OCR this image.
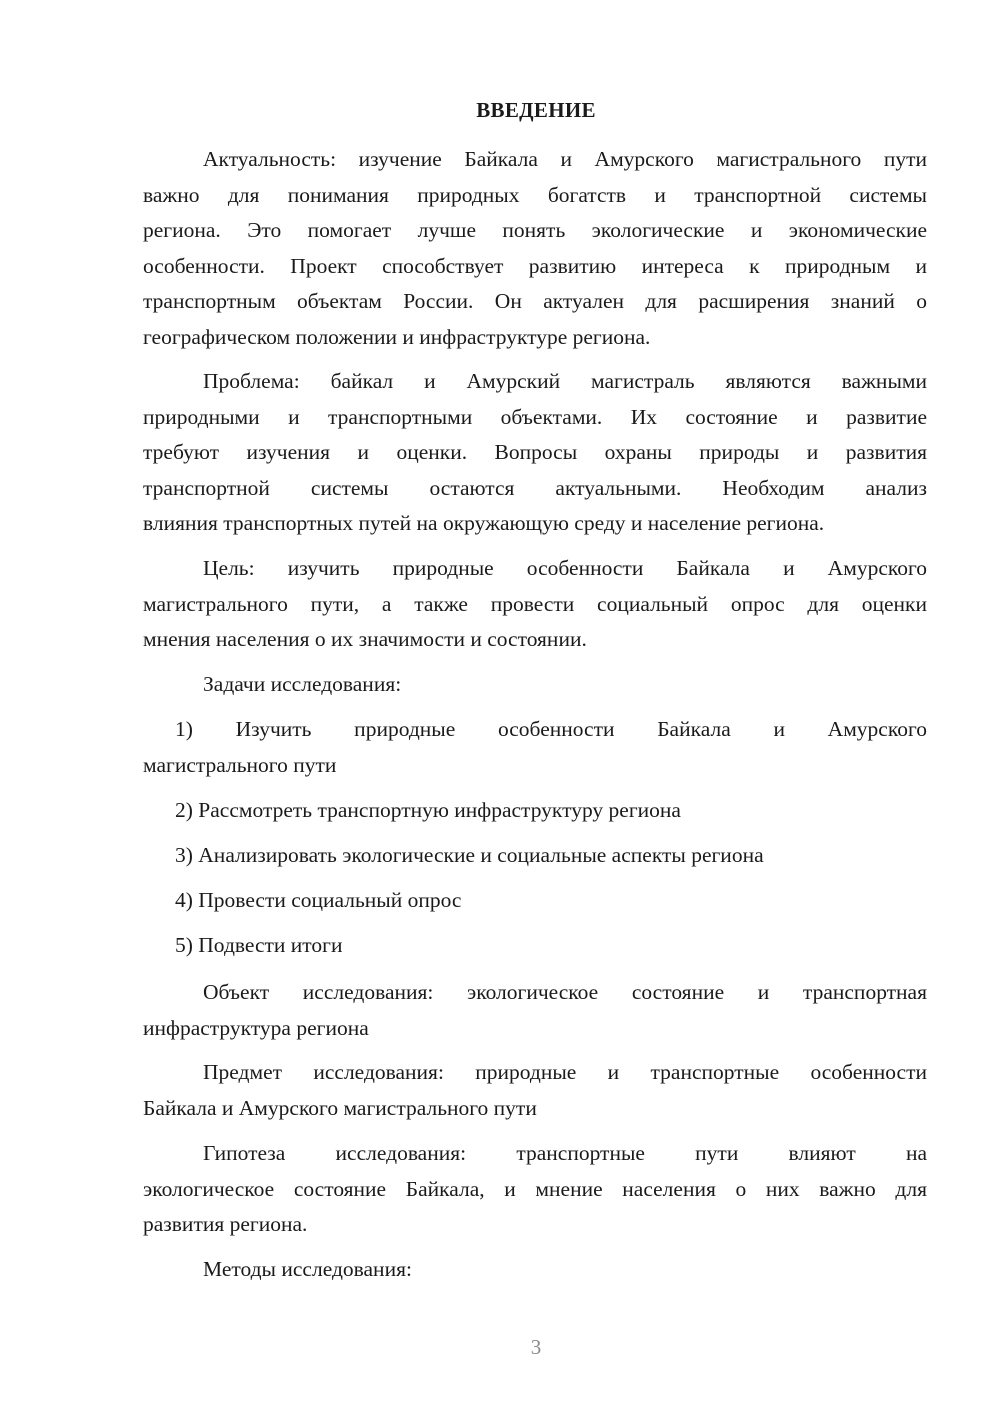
ВВЕДЕНИЕ
Актуальность: изучение Байкала и Амурского магистрального пути
важно для понимания природных богатств и транспортной системы
региона. Это помогает лучше понять экологические и экономические
особенности. Проект способствует развитию интереса к природным и
транспортным объектам России. Он актуален для расширения знаний о
географическом положении и инфраструктуре региона.
Проблема: байкал и Амурский магистраль являются важными
природными и транспортными объектами. Их состояние и развитие
требуют изучения и оценки. Вопросы охраны природы и развития
транспортной системы остаются актуальными. Необходим анализ
влияния транспортных путей на окружающую среду и население региона.
Цель: изучить природные особенности Байкала и Амурского
магистрального пути, а также провести социальный опрос для оценки
мнения населения о их значимости и состоянии.
Задачи исследования:
1) Изучить природные особенности Байкала и Амурского
магистрального пути
2) Рассмотреть транспортную инфраструктуру региона
3) Анализировать экологические и социальные аспекты региона
4) Провести социальный опрос
5) Подвести итоги
Объект исследования: экологическое состояние и транспортная
инфраструктура региона
Предмет исследования: природные и транспортные особенности
Байкала и Амурского магистрального пути
Гипотеза исследования: транспортные пути влияют на
экологическое состояние Байкала, и мнение населения о них важно для
развития региона.
Методы исследования:
3
